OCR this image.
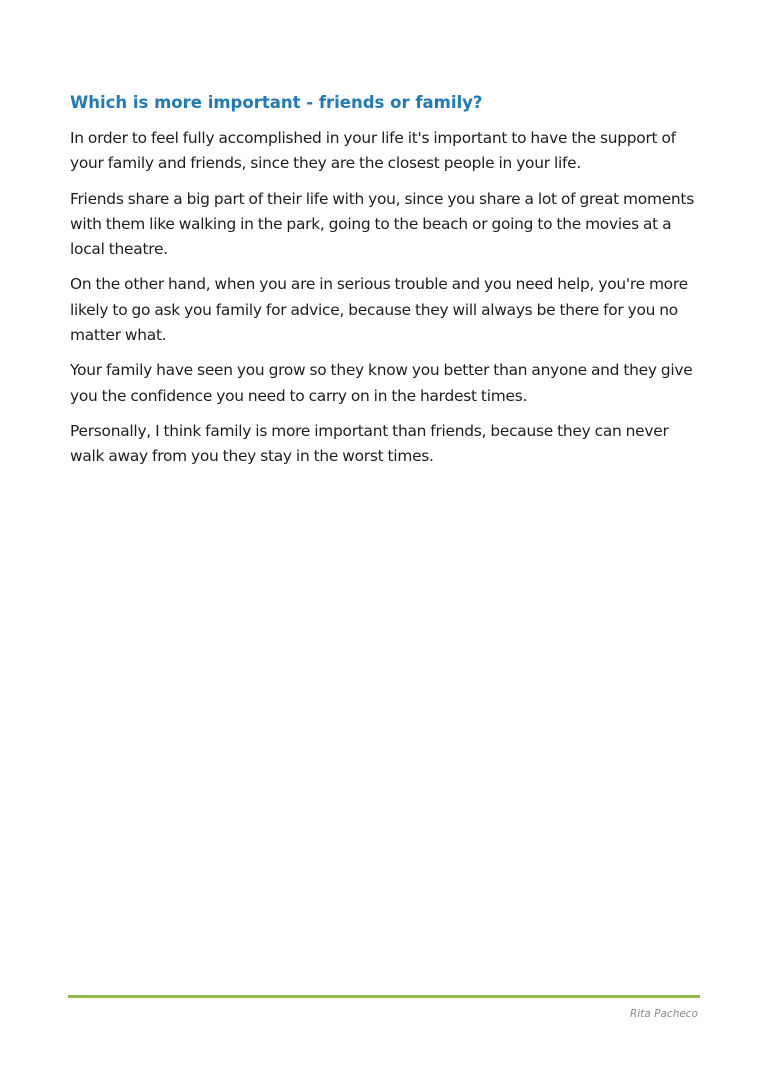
Which is more important - friends or family?

In order to feel fully accomplished in your life it's important to have the support of your family and friends, since they are the closest people in your life.

Friends share a big part of their life with you, since you share a lot of great moments with them like walking in the park, going to the beach or going to the movies at a local theatre.

On the other hand, when you are in serious trouble and you need help, you're more likely to go ask you family for advice, because they will always be there for you no matter what.

Your family have seen you grow so they know you better than anyone and they give you the confidence you need to carry on in the hardest times.

Personally, I think family is more important than friends, because they can never walk away from you they stay in the worst times.

Rita Pacheco
